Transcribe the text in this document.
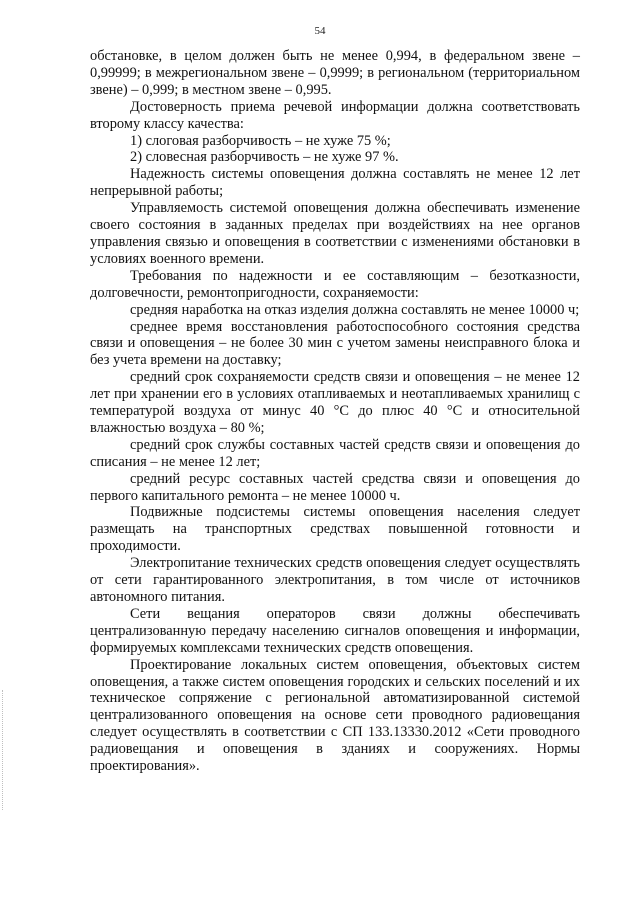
54

обстановке, в целом должен быть не менее 0,994, в федеральном звене – 0,99999; в межрегиональном звене – 0,9999; в региональном (территориальном звене) – 0,999; в местном звене – 0,995.

Достоверность приема речевой информации должна соответствовать второму классу качества:

1) слоговая разборчивость – не хуже 75 %;

2) словесная разборчивость – не хуже 97 %.

Надежность системы оповещения должна составлять не менее 12 лет непрерывной работы;

Управляемость системой оповещения должна обеспечивать изменение своего состояния в заданных пределах при воздействиях на нее органов управления связью и оповещения в соответствии с изменениями обстановки в условиях военного времени.

Требования по надежности и ее составляющим – безотказности, долговечности, ремонтопригодности, сохраняемости:

средняя наработка на отказ изделия должна составлять не менее 10000 ч;

среднее время восстановления работоспособного состояния средства связи и оповещения – не более 30 мин с учетом замены неисправного блока и без учета времени на доставку;

средний срок сохраняемости средств связи и оповещения – не менее 12 лет при хранении его в условиях отапливаемых и неотапливаемых хранилищ с температурой воздуха от минус 40 °C до плюс 40 °C и относительной влажностью воздуха – 80 %;

средний срок службы составных частей средств связи и оповещения до списания – не менее 12 лет;

средний ресурс составных частей средства связи и оповещения до первого капитального ремонта – не менее 10000 ч.

Подвижные подсистемы системы оповещения населения следует размещать на транспортных средствах повышенной готовности и проходимости.

Электропитание технических средств оповещения следует осуществлять от сети гарантированного электропитания, в том числе от источников автономного питания.

Сети вещания операторов связи должны обеспечивать централизованную передачу населению сигналов оповещения и информации, формируемых комплексами технических средств оповещения.

Проектирование локальных систем оповещения, объектовых систем оповещения, а также систем оповещения городских и сельских поселений и их техническое сопряжение с региональной автоматизированной системой централизованного оповещения на основе сети проводного радиовещания следует осуществлять в соответствии с СП 133.13330.2012 «Сети проводного радиовещания и оповещения в зданиях и сооружениях. Нормы проектирования».
